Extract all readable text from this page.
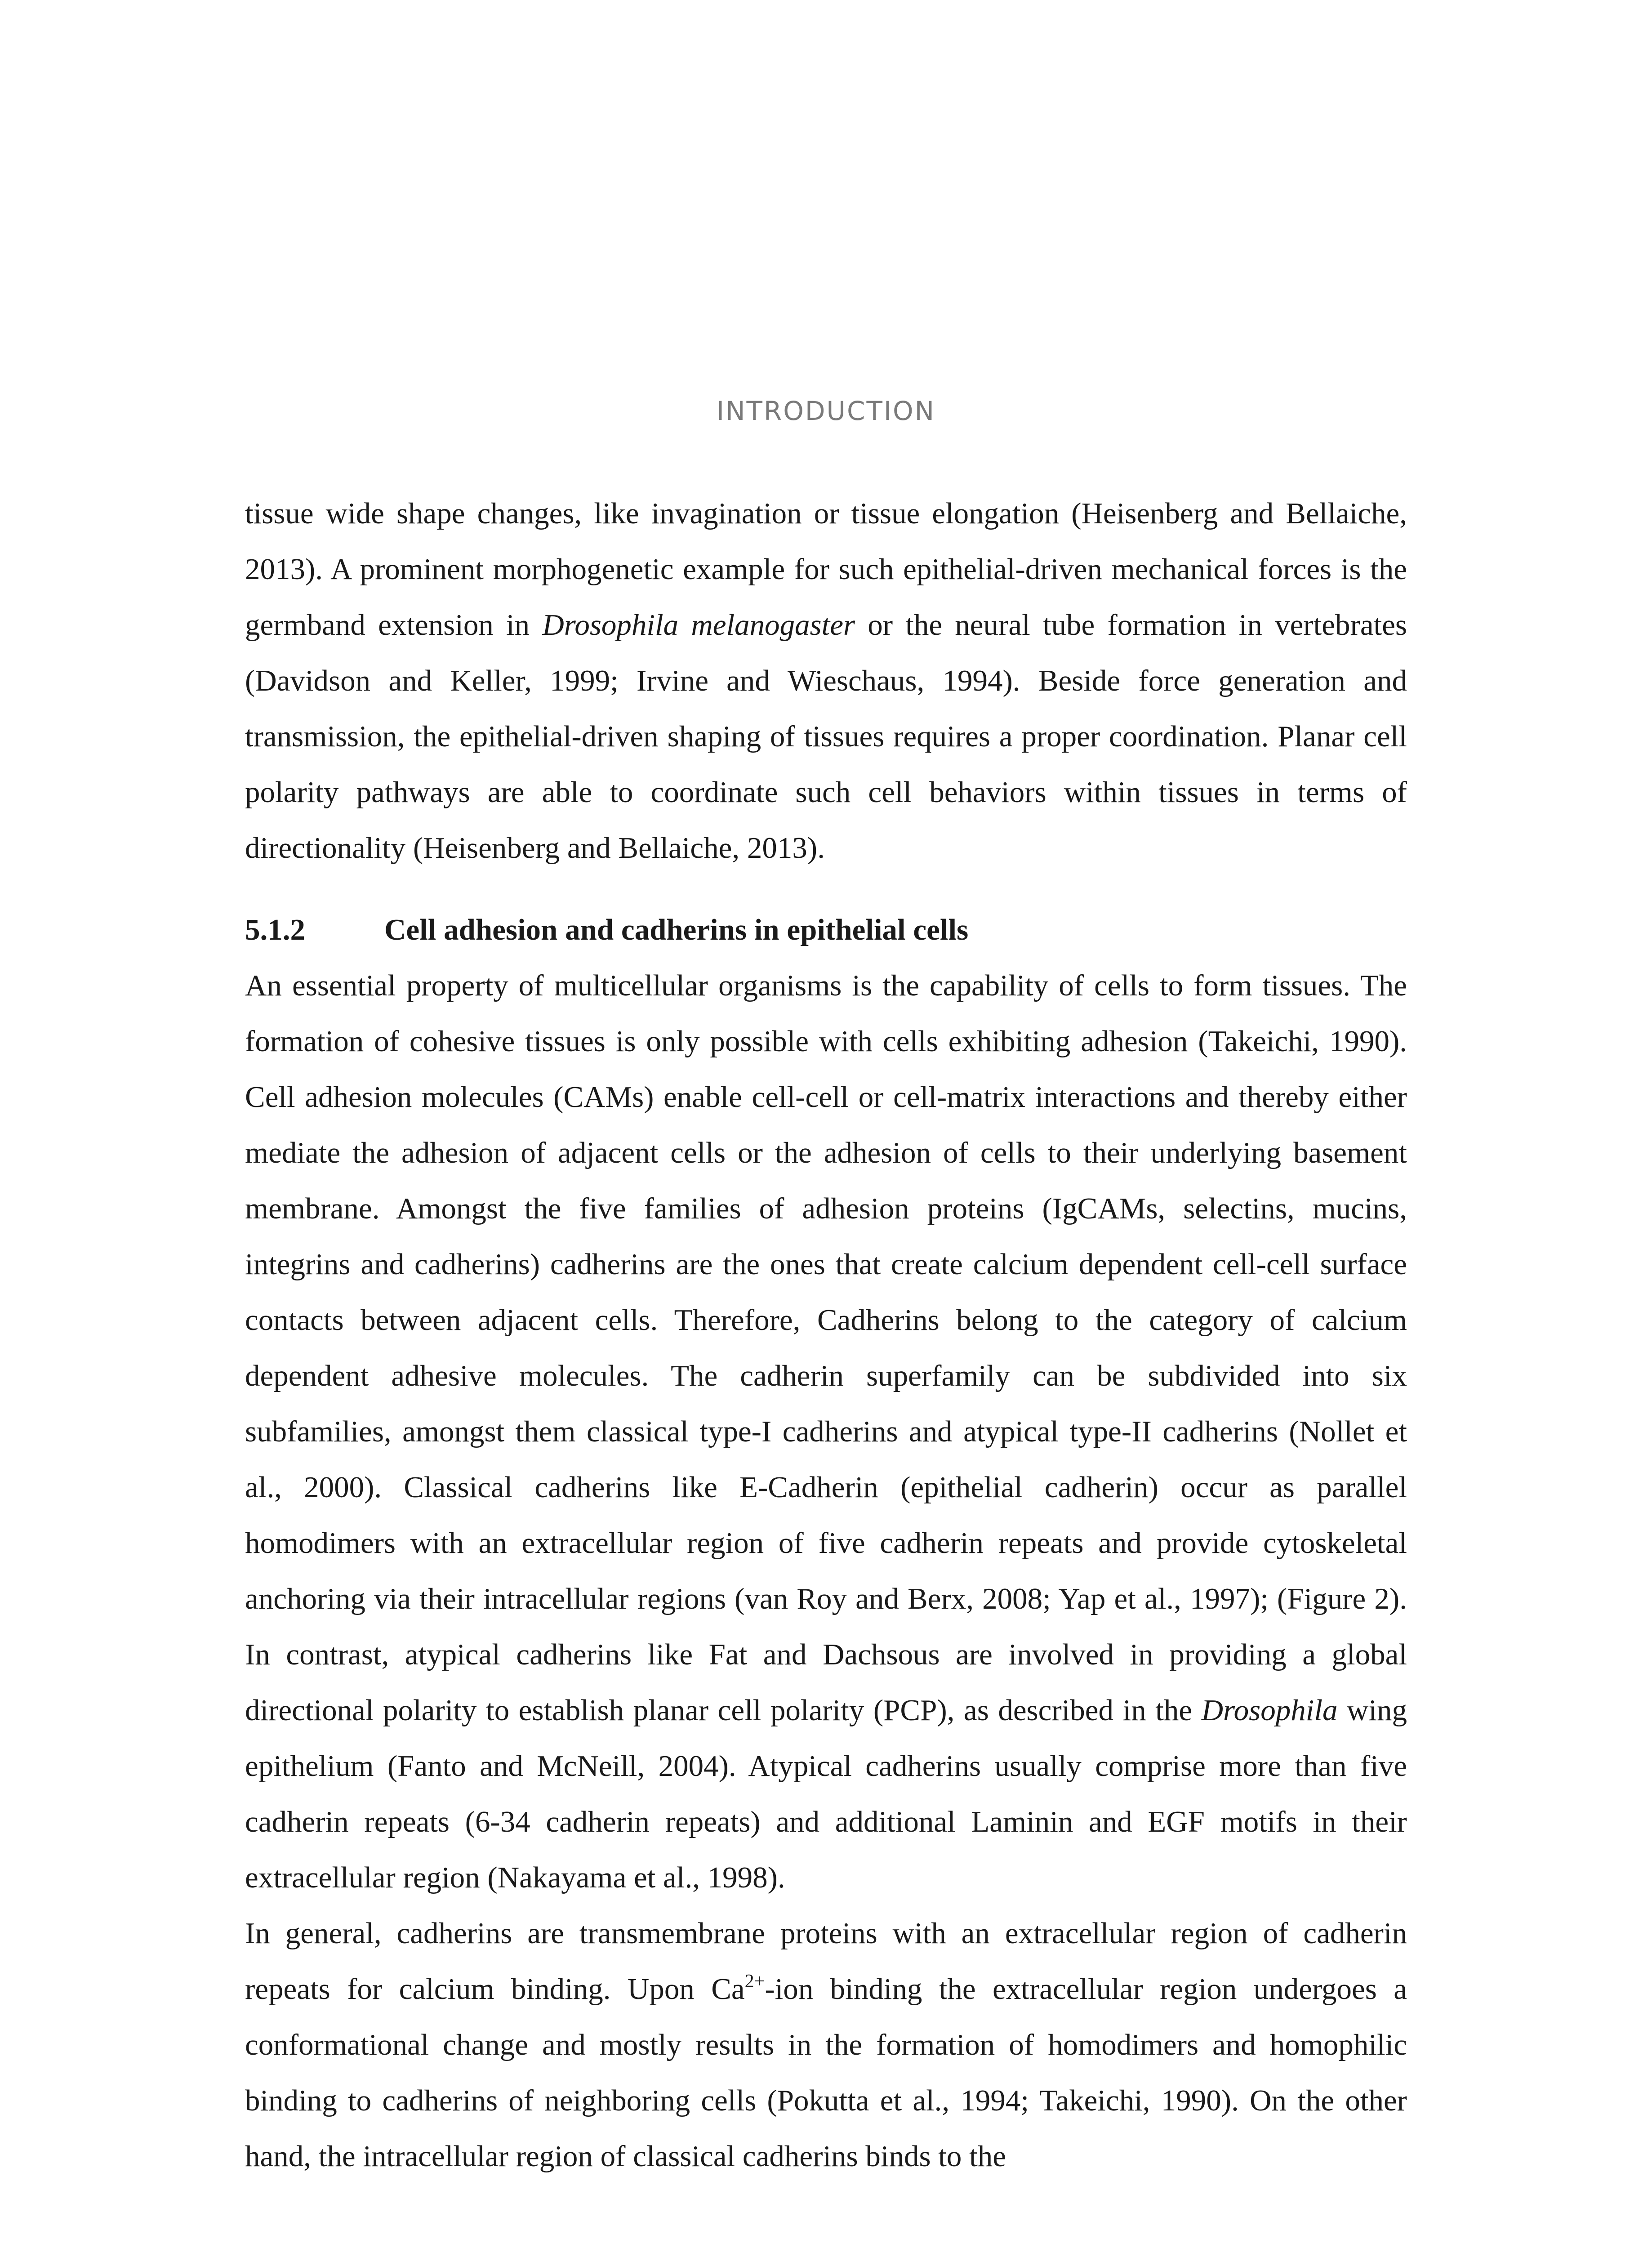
INTRODUCTION

tissue wide shape changes, like invagination or tissue elongation (Heisenberg and Bellaiche, 2013). A prominent morphogenetic example for such epithelial-driven mechanical forces is the germband extension in Drosophila melanogaster or the neural tube formation in vertebrates (Davidson and Keller, 1999; Irvine and Wieschaus, 1994). Beside force generation and transmission, the epithelial-driven shaping of tissues requires a proper coordination. Planar cell polarity pathways are able to coordinate such cell behaviors within tissues in terms of directionality (Heisenberg and Bellaiche, 2013).

5.1.2	Cell adhesion and cadherins in epithelial cells

An essential property of multicellular organisms is the capability of cells to form tissues. The formation of cohesive tissues is only possible with cells exhibiting adhesion (Takeichi, 1990). Cell adhesion molecules (CAMs) enable cell-cell or cell-matrix interactions and thereby either mediate the adhesion of adjacent cells or the adhesion of cells to their underlying basement membrane. Amongst the five families of adhesion proteins (IgCAMs, selectins, mucins, integrins and cadherins) cadherins are the ones that create calcium dependent cell-cell surface contacts between adjacent cells. Therefore, Cadherins belong to the category of calcium dependent adhesive molecules. The cadherin superfamily can be subdivided into six subfamilies, amongst them classical type-I cadherins and atypical type-II cadherins (Nollet et al., 2000). Classical cadherins like E-Cadherin (epithelial cadherin) occur as parallel homodimers with an extracellular region of five cadherin repeats and provide cytoskeletal anchoring via their intracellular regions (van Roy and Berx, 2008; Yap et al., 1997); (Figure 2). In contrast, atypical cadherins like Fat and Dachsous are involved in providing a global directional polarity to establish planar cell polarity (PCP), as described in the Drosophila wing epithelium (Fanto and McNeill, 2004). Atypical cadherins usually comprise more than five cadherin repeats (6-34 cadherin repeats) and additional Laminin and EGF motifs in their extracellular region (Nakayama et al., 1998).

In general, cadherins are transmembrane proteins with an extracellular region of cadherin repeats for calcium binding. Upon $Ca^{2+}$-ion binding the extracellular region undergoes a conformational change and mostly results in the formation of homodimers and homophilic binding to cadherins of neighboring cells (Pokutta et al., 1994; Takeichi, 1990). On the other hand, the intracellular region of classical cadherins binds to the
